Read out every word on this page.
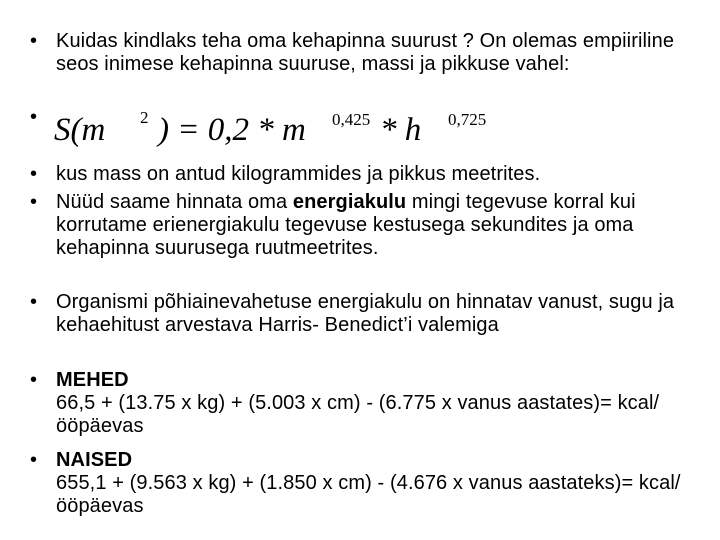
• Kuidas kindlaks teha oma kehapinna suurust ? On olemas empiiriline seos inimese kehapinna suuruse, massi ja pikkuse vahel:
• S(m 2 ) = 0,2 * m 0,425 * h 0,725
• kus mass on antud kilogrammides ja pikkus meetrites.
• Nüüd saame hinnata oma energiakulu mingi tegevuse korral kui korrutame erienergiakulu tegevuse kestusega sekundites ja oma kehapinna suurusega ruutmeetrites.
• Organismi põhiainevahetuse energiakulu on hinnatav vanust, sugu ja kehaehitust arvestava Harris- Benedict’i valemiga
• MEHED
66,5 + (13.75 x kg) + (5.003 x cm) - (6.775 x vanus aastates)= kcal/ööpäevas
• NAISED
655,1 + (9.563 x kg) + (1.850 x cm) - (4.676 x vanus aastateks)= kcal/ööpäevas
